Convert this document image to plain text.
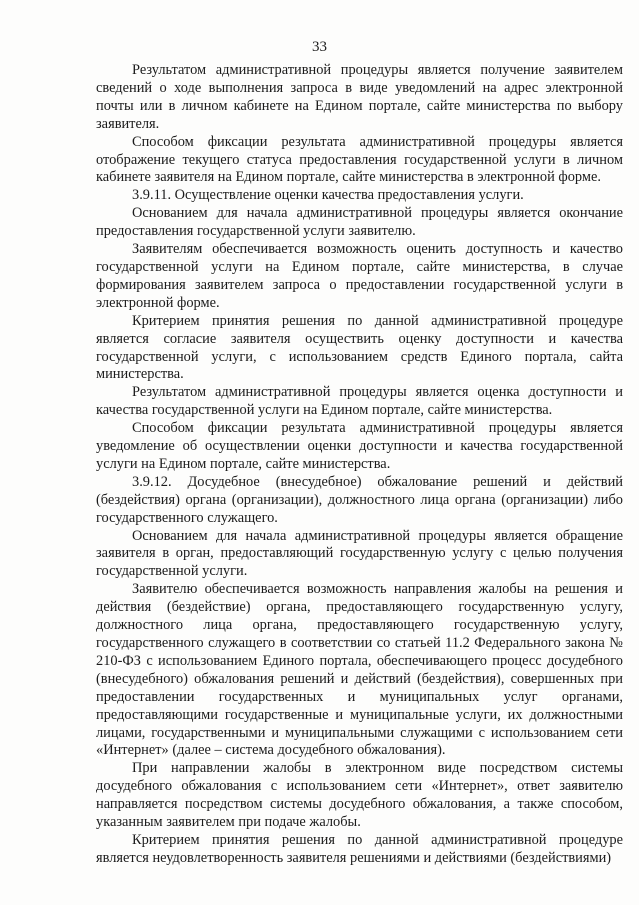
33

Результатом административной процедуры является получение заявителем сведений о ходе выполнения запроса в виде уведомлений на адрес электронной почты или в личном кабинете на Едином портале, сайте министерства по выбору заявителя.

Способом фиксации результата административной процедуры является отображение текущего статуса предоставления государственной услуги в личном кабинете заявителя на Едином портале, сайте министерства в электронной форме.

3.9.11. Осуществление оценки качества предоставления услуги.

Основанием для начала административной процедуры является окончание предоставления государственной услуги заявителю.

Заявителям обеспечивается возможность оценить доступность и качество государственной услуги на Едином портале, сайте министерства, в случае формирования заявителем запроса о предоставлении государственной услуги в электронной форме.

Критерием принятия решения по данной административной процедуре является согласие заявителя осуществить оценку доступности и качества государственной услуги, с использованием средств Единого портала, сайта министерства.

Результатом административной процедуры является оценка доступности и качества государственной услуги на Едином портале, сайте министерства.

Способом фиксации результата административной процедуры является уведомление об осуществлении оценки доступности и качества государственной услуги на Едином портале, сайте министерства.

3.9.12. Досудебное (внесудебное) обжалование решений и действий (бездействия) органа (организации), должностного лица органа (организации) либо государственного служащего.

Основанием для начала административной процедуры является обращение заявителя в орган, предоставляющий государственную услугу с целью получения государственной услуги.

Заявителю обеспечивается возможность направления жалобы на решения и действия (бездействие) органа, предоставляющего государственную услугу, должностного лица органа, предоставляющего государственную услугу, государственного служащего в соответствии со статьей 11.2 Федерального закона № 210-ФЗ с использованием Единого портала, обеспечивающего процесс досудебного (внесудебного) обжалования решений и действий (бездействия), совершенных при предоставлении государственных и муниципальных услуг органами, предоставляющими государственные и муниципальные услуги, их должностными лицами, государственными и муниципальными служащими с использованием сети «Интернет» (далее – система досудебного обжалования).

При направлении жалобы в электронном виде посредством системы досудебного обжалования с использованием сети «Интернет», ответ заявителю направляется посредством системы досудебного обжалования, а также способом, указанным заявителем при подаче жалобы.

Критерием принятия решения по данной административной процедуре является неудовлетворенность заявителя решениями и действиями (бездействиями)
